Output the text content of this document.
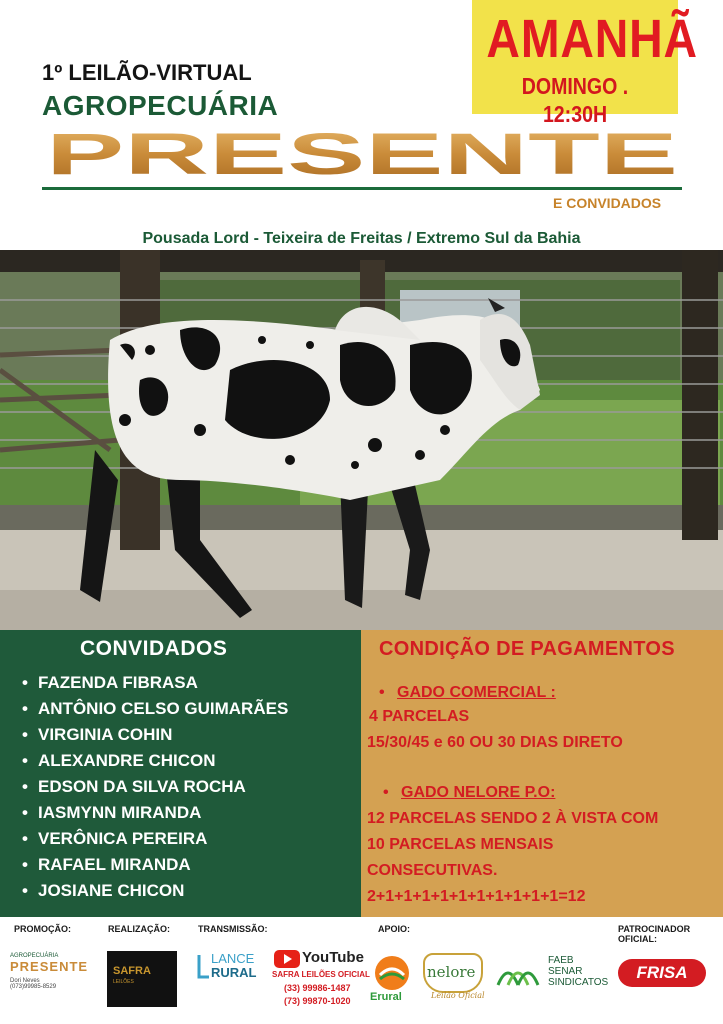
AMANHÃ
DOMINGO . 12:30H
1º LEILÃO-VIRTUAL
AGROPECUÁRIA
PRESENTE
E CONVIDADOS
Pousada Lord - Teixeira de Freitas / Extremo Sul da Bahia
CONVIDADOS
• FAZENDA FIBRASA
• ANTÔNIO CELSO GUIMARÃES
• VIRGINIA COHIN
• ALEXANDRE CHICON
• EDSON DA SILVA ROCHA
• IASMYNN MIRANDA
• VERÔNICA PEREIRA
• RAFAEL MIRANDA
• JOSIANE CHICON
CONDIÇÃO DE PAGAMENTOS
• GADO COMERCIAL :
4 PARCELAS
15/30/45 e 60 OU 30 DIAS DIRETO
• GADO NELORE P.O:
12 PARCELAS SENDO 2 À VISTA COM
10 PARCELAS MENSAIS
CONSECUTIVAS.
2+1+1+1+1+1+1+1+1+1+1=12
PROMOÇÃO:	REALIZAÇÃO:	TRANSMISSÃO:	APOIO:	PATROCINADOR OFICIAL:
AGROPECUÁRIA
PRESENTE
Dori Neves
(073)99985-8529
SAFRA
LEILÕES
LANCE
RURAL
YouTube
SAFRA LEILÕES OFICIAL
(33) 99986-1487
(73) 99870-1020 Erural
nelore
Leilão Oficial
FAEB
SENAR
SINDICATOS
FRISA
